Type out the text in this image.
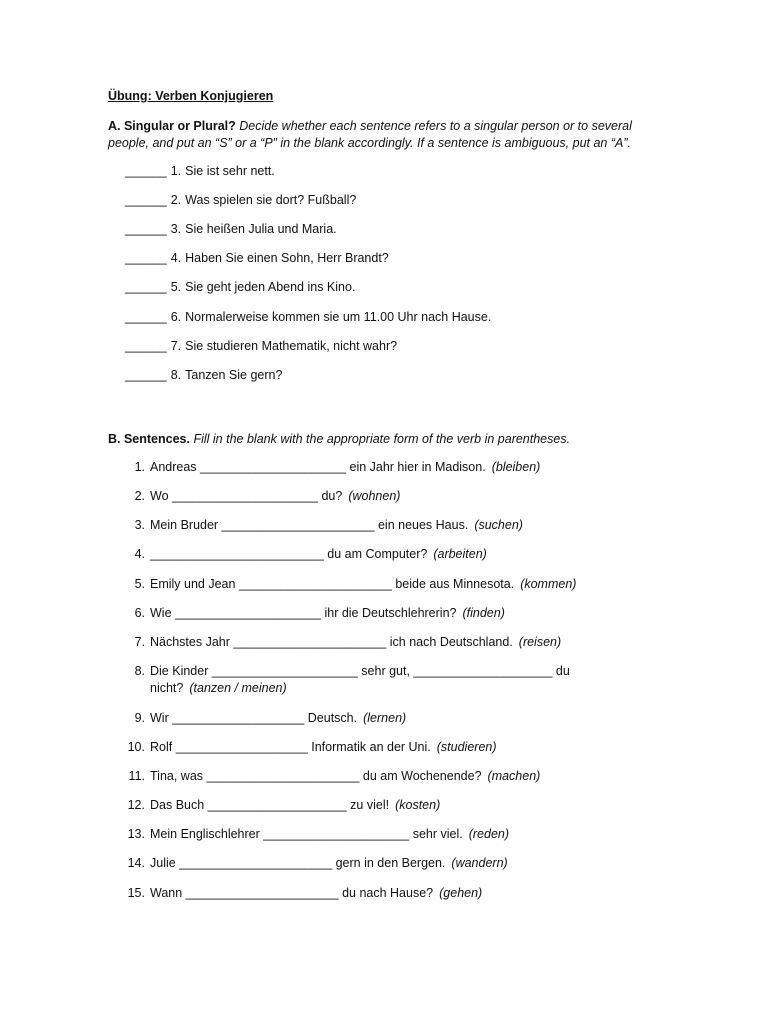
Übung: Verben Konjugieren
A. Singular or Plural? Decide whether each sentence refers to a singular person or to several people, and put an “S” or a “P” in the blank accordingly. If a sentence is ambiguous, put an “A”.
______ 1. Sie ist sehr nett.
______ 2. Was spielen sie dort? Fußball?
______ 3. Sie heißen Julia und Maria.
______ 4. Haben Sie einen Sohn, Herr Brandt?
______ 5. Sie geht jeden Abend ins Kino.
______ 6. Normalerweise kommen sie um 11.00 Uhr nach Hause.
______ 7. Sie studieren Mathematik, nicht wahr?
______ 8. Tanzen Sie gern?
B. Sentences. Fill in the blank with the appropriate form of the verb in parentheses.
1. Andreas _____________________ ein Jahr hier in Madison. (bleiben)
2. Wo _____________________ du? (wohnen)
3. Mein Bruder ______________________ ein neues Haus. (suchen)
4. _________________________ du am Computer? (arbeiten)
5. Emily und Jean ______________________ beide aus Minnesota. (kommen)
6. Wie _____________________ ihr die Deutschlehrerin? (finden)
7. Nächstes Jahr ______________________ ich nach Deutschland. (reisen)
8. Die Kinder _____________________ sehr gut, ____________________ du nicht? (tanzen / meinen)
9. Wir ___________________ Deutsch. (lernen)
10. Rolf ___________________ Informatik an der Uni. (studieren)
11. Tina, was ______________________ du am Wochenende? (machen)
12. Das Buch ____________________ zu viel! (kosten)
13. Mein Englischlehrer _____________________ sehr viel. (reden)
14. Julie ______________________ gern in den Bergen. (wandern)
15. Wann ______________________ du nach Hause? (gehen)
